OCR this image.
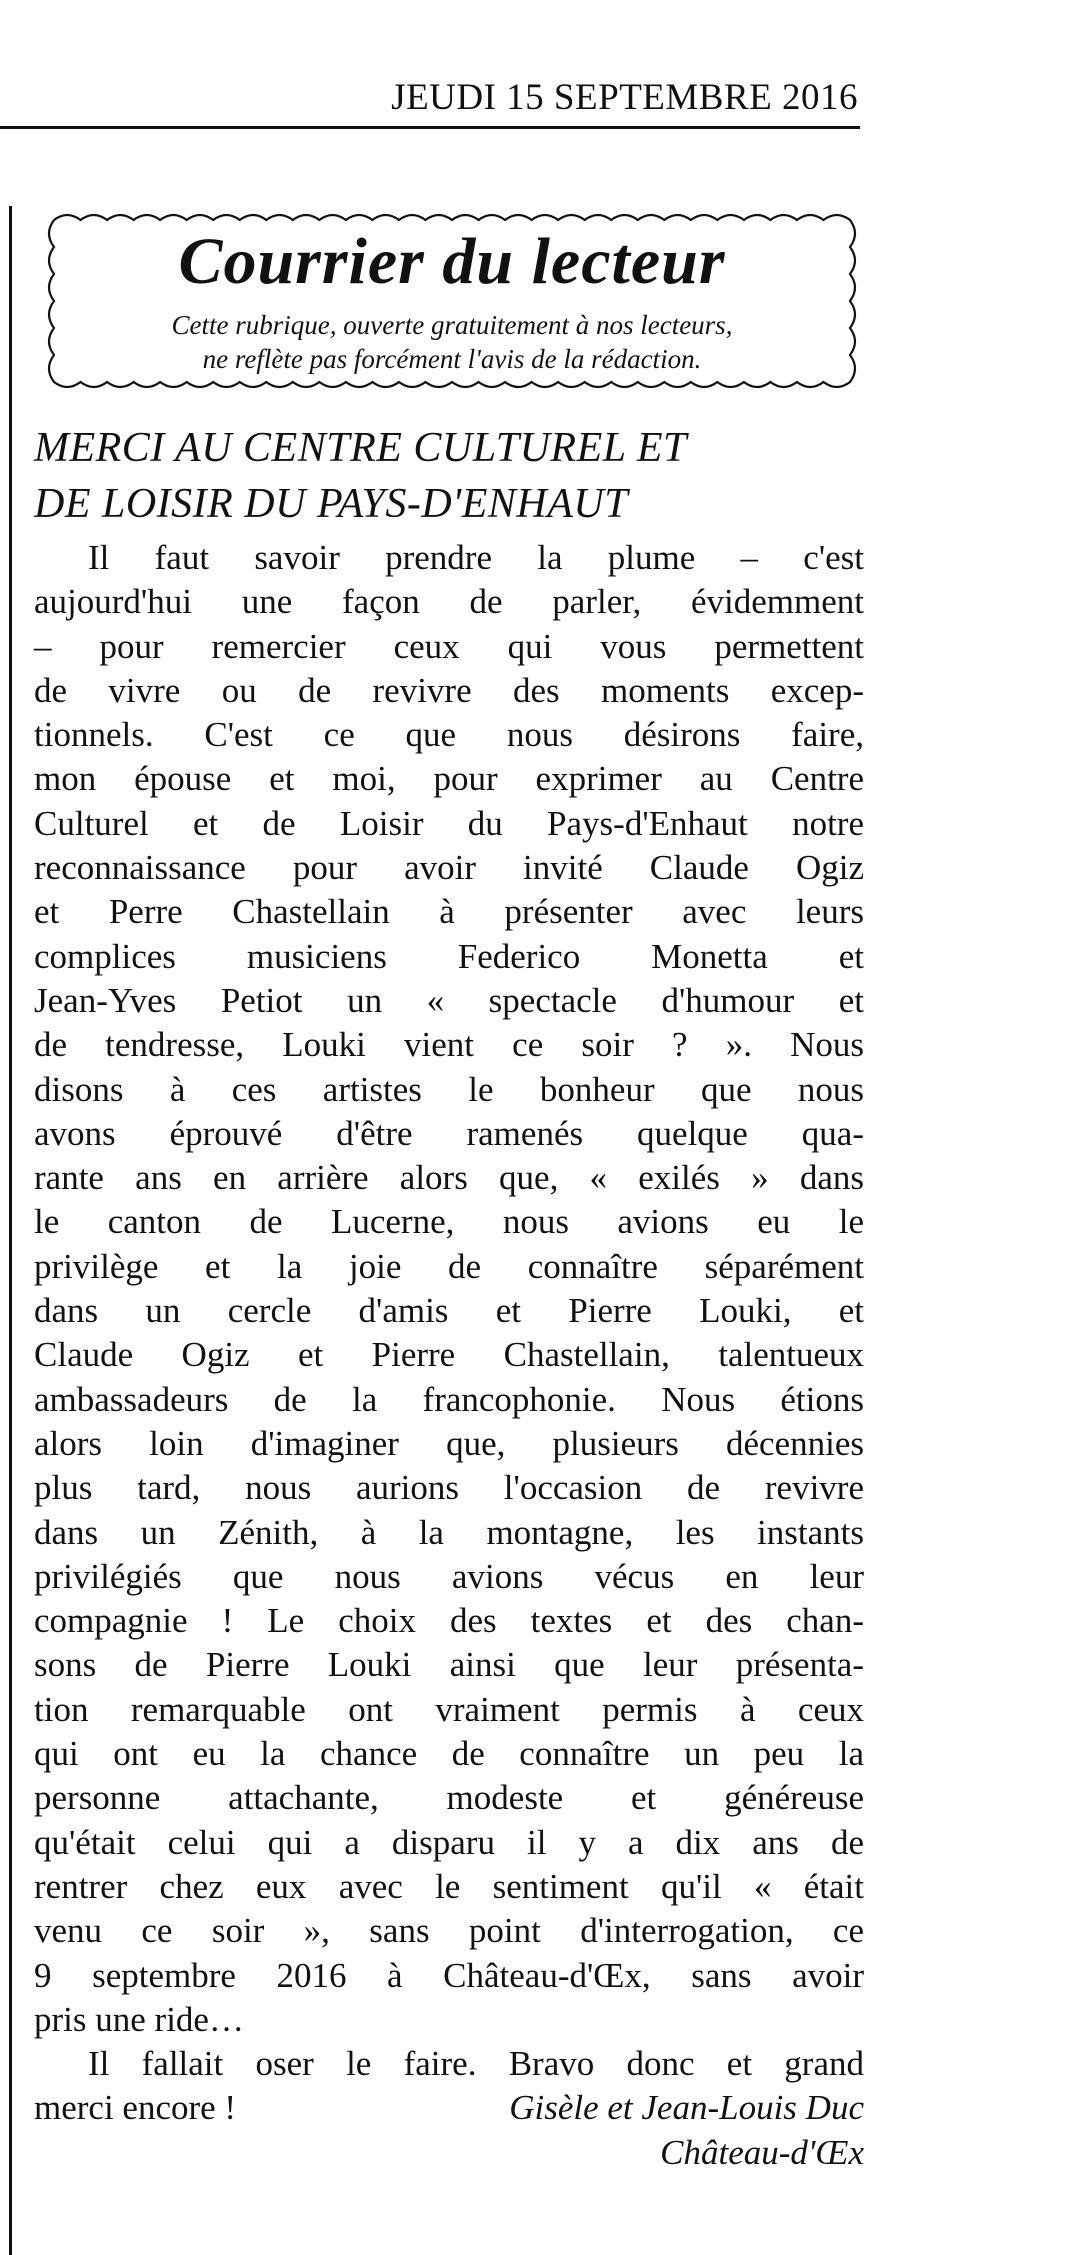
JEUDI 15 SEPTEMBRE 2016
Courrier du lecteur
Cette rubrique, ouverte gratuitement à nos lecteurs,
ne reflète pas forcément l'avis de la rédaction.
MERCI AU CENTRE CULTUREL ET
DE LOISIR DU PAYS-D'ENHAUT
Il faut savoir prendre la plume – c'est
aujourd'hui une façon de parler, évidemment
– pour remercier ceux qui vous permettent
de vivre ou de revivre des moments excep-
tionnels. C'est ce que nous désirons faire,
mon épouse et moi, pour exprimer au Centre
Culturel et de Loisir du Pays-d'Enhaut notre
reconnaissance pour avoir invité Claude Ogiz
et Perre Chastellain à présenter avec leurs
complices musiciens Federico Monetta et
Jean-Yves Petiot un « spectacle d'humour et
de tendresse, Louki vient ce soir ? ». Nous
disons à ces artistes le bonheur que nous
avons éprouvé d'être ramenés quelque qua-
rante ans en arrière alors que, « exilés » dans
le canton de Lucerne, nous avions eu le
privilège et la joie de connaître séparément
dans un cercle d'amis et Pierre Louki, et
Claude Ogiz et Pierre Chastellain, talentueux
ambassadeurs de la francophonie. Nous étions
alors loin d'imaginer que, plusieurs décennies
plus tard, nous aurions l'occasion de revivre
dans un Zénith, à la montagne, les instants
privilégiés que nous avions vécus en leur
compagnie ! Le choix des textes et des chan-
sons de Pierre Louki ainsi que leur présenta-
tion remarquable ont vraiment permis à ceux
qui ont eu la chance de connaître un peu la
personne attachante, modeste et généreuse
qu'était celui qui a disparu il y a dix ans de
rentrer chez eux avec le sentiment qu'il « était
venu ce soir », sans point d'interrogation, ce
9 septembre 2016 à Château-d'Œx, sans avoir
pris une ride…
Il fallait oser le faire. Bravo donc et grand
merci encore !	Gisèle et Jean-Louis Duc
Château-d'Œx
